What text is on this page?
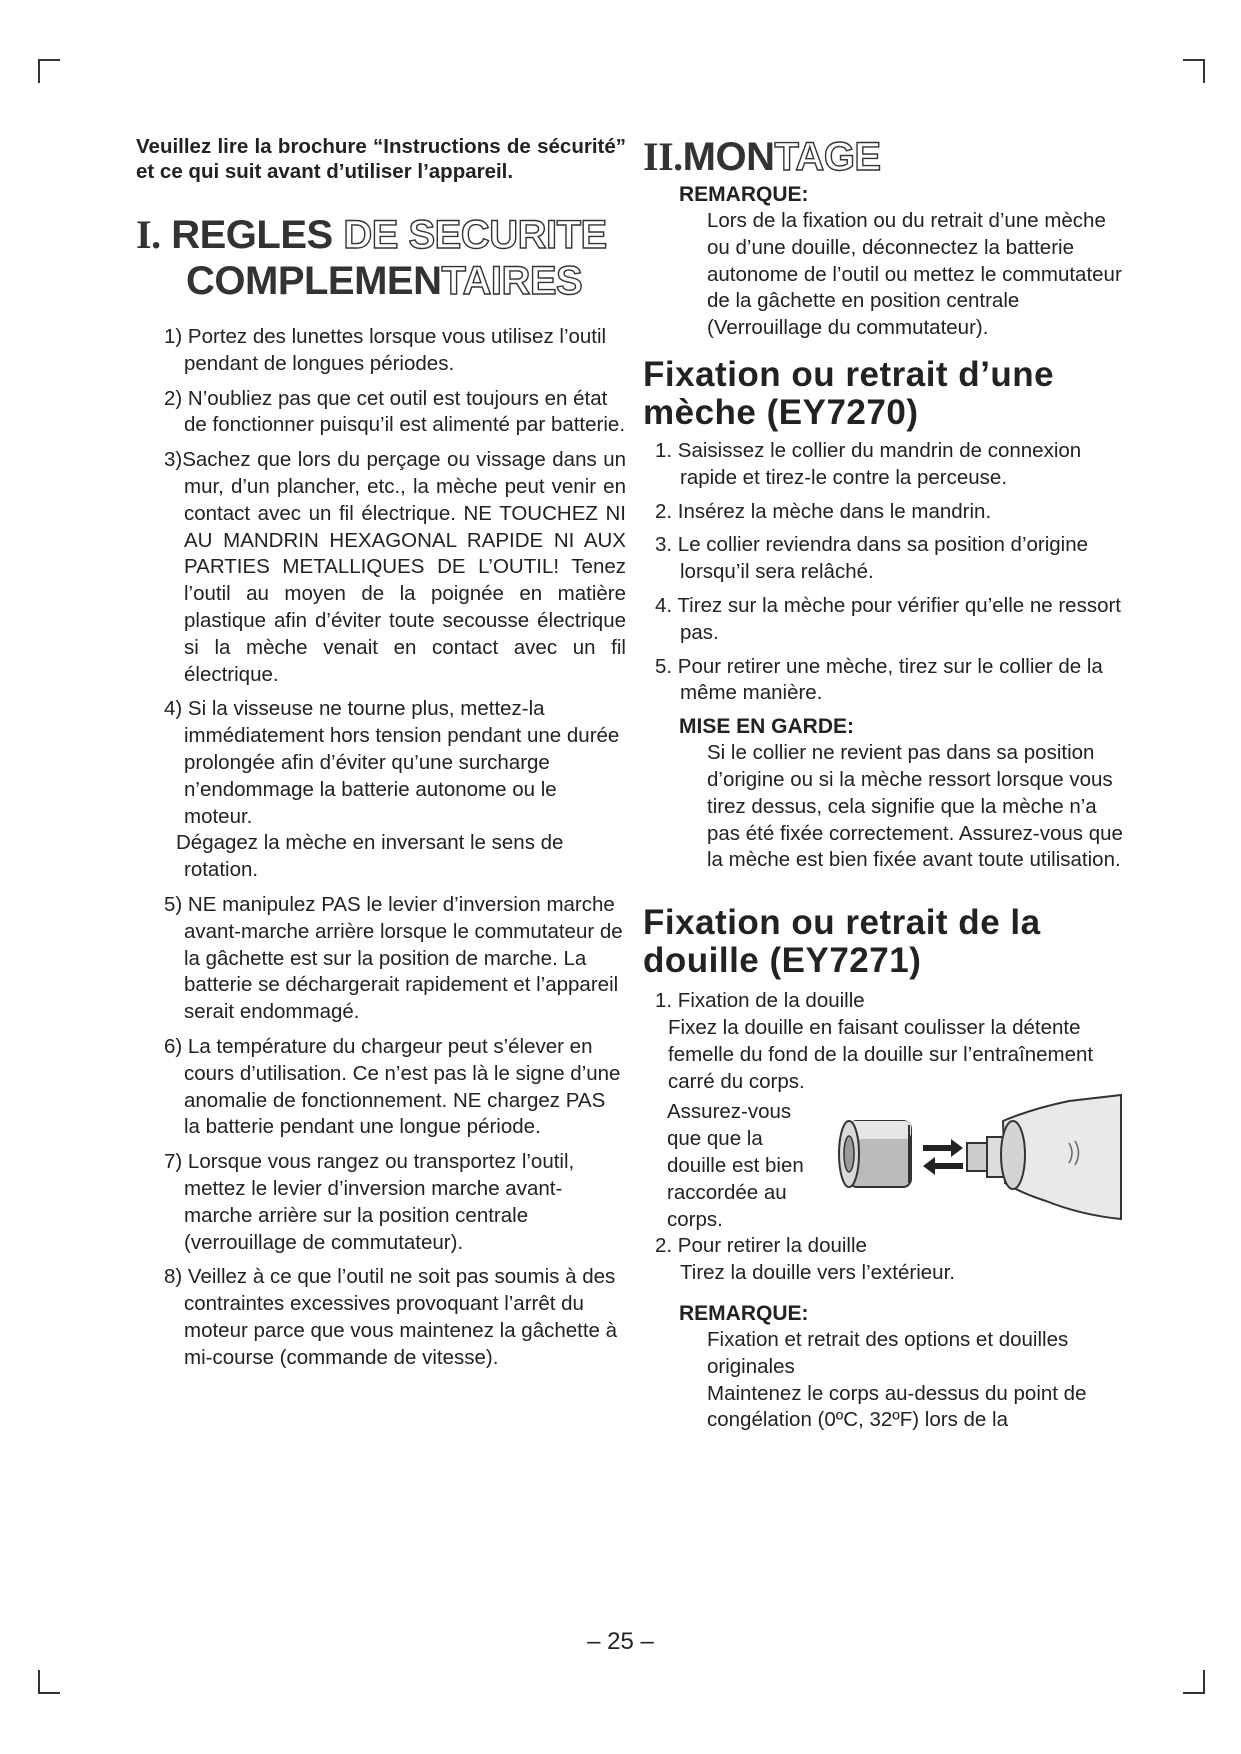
Veuillez lire la brochure “Instructions de sécurité” et ce qui suit avant d’utiliser l’appareil.

I. REGLES DE SECURITE
COMPLEMENTAIRES
1) Portez des lunettes lorsque vous utilisez l’outil pendant de longues périodes.
2) N’oubliez pas que cet outil est toujours en état de fonctionner puisqu’il est alimenté par batterie.
3)Sachez que lors du perçage ou vissage dans un mur, d’un plancher, etc., la mèche peut venir en contact avec un fil électrique. NE TOUCHEZ NI AU MANDRIN HEXAGONAL RAPIDE NI AUX PARTIES METALLIQUES DE L’OUTIL! Tenez l’outil au moyen de la poignée en matière plastique afin d’éviter toute secousse électrique si la mèche venait en contact avec un fil électrique.
4) Si la visseuse ne tourne plus, mettez-la immédiatement hors tension pendant une durée prolongée afin d’éviter qu’une surcharge n’endommage la batterie autonome ou le moteur.
Dégagez la mèche en inversant le sens de rotation.
5) NE manipulez PAS le levier d’inversion marche avant-marche arrière lorsque le commutateur de la gâchette est sur la position de marche. La batterie se déchargerait rapidement et l’appareil serait endommagé.
6) La température du chargeur peut s’élever en cours d’utilisation. Ce n’est pas là le signe d’une anomalie de fonctionnement. NE chargez PAS la batterie pendant une longue période.
7) Lorsque vous rangez ou transportez l’outil, mettez le levier d’inversion marche avant-marche arrière sur la position centrale (verrouillage de commutateur).
8) Veillez à ce que l’outil ne soit pas soumis à des contraintes excessives provoquant l’arrêt du moteur parce que vous maintenez la gâchette à mi-course (commande de vitesse).
II.MONTAGE

REMARQUE:

Lors de la fixation ou du retrait d’une mèche ou d’une douille, déconnectez la batterie autonome de l’outil ou mettez le commutateur de la gâchette en position centrale (Verrouillage du commutateur).

Fixation ou retrait d’une mèche (EY7270)
1. Saisissez le collier du mandrin de connexion rapide et tirez-le contre la perceuse.
2. Insérez la mèche dans le mandrin.
3. Le collier reviendra dans sa position d’origine lorsqu’il sera relâché.
4. Tirez sur la mèche pour vérifier qu’elle ne ressort pas.
5. Pour retirer une mèche, tirez sur le collier de la même manière.

MISE EN GARDE:

Si le collier ne revient pas dans sa position d’origine ou si la mèche ressort lorsque vous tirez dessus, cela signifie que la mèche n’a pas été fixée correctement. Assurez-vous que la mèche est bien fixée avant toute utilisation.

Fixation ou retrait de la douille (EY7271)

1. Fixation de la douille

Fixez la douille en faisant coulisser la détente femelle du fond de la douille sur l’entraînement carré du corps.

Assurez-vous que que la douille est bien raccordée au corps.

2. Pour retirer la douille

Tirez la douille vers l’extérieur.

REMARQUE:

Fixation et retrait des options et douilles originales

Maintenez le corps au-dessus du point de congélation (0ºC, 32ºF) lors de la

– 25 –
